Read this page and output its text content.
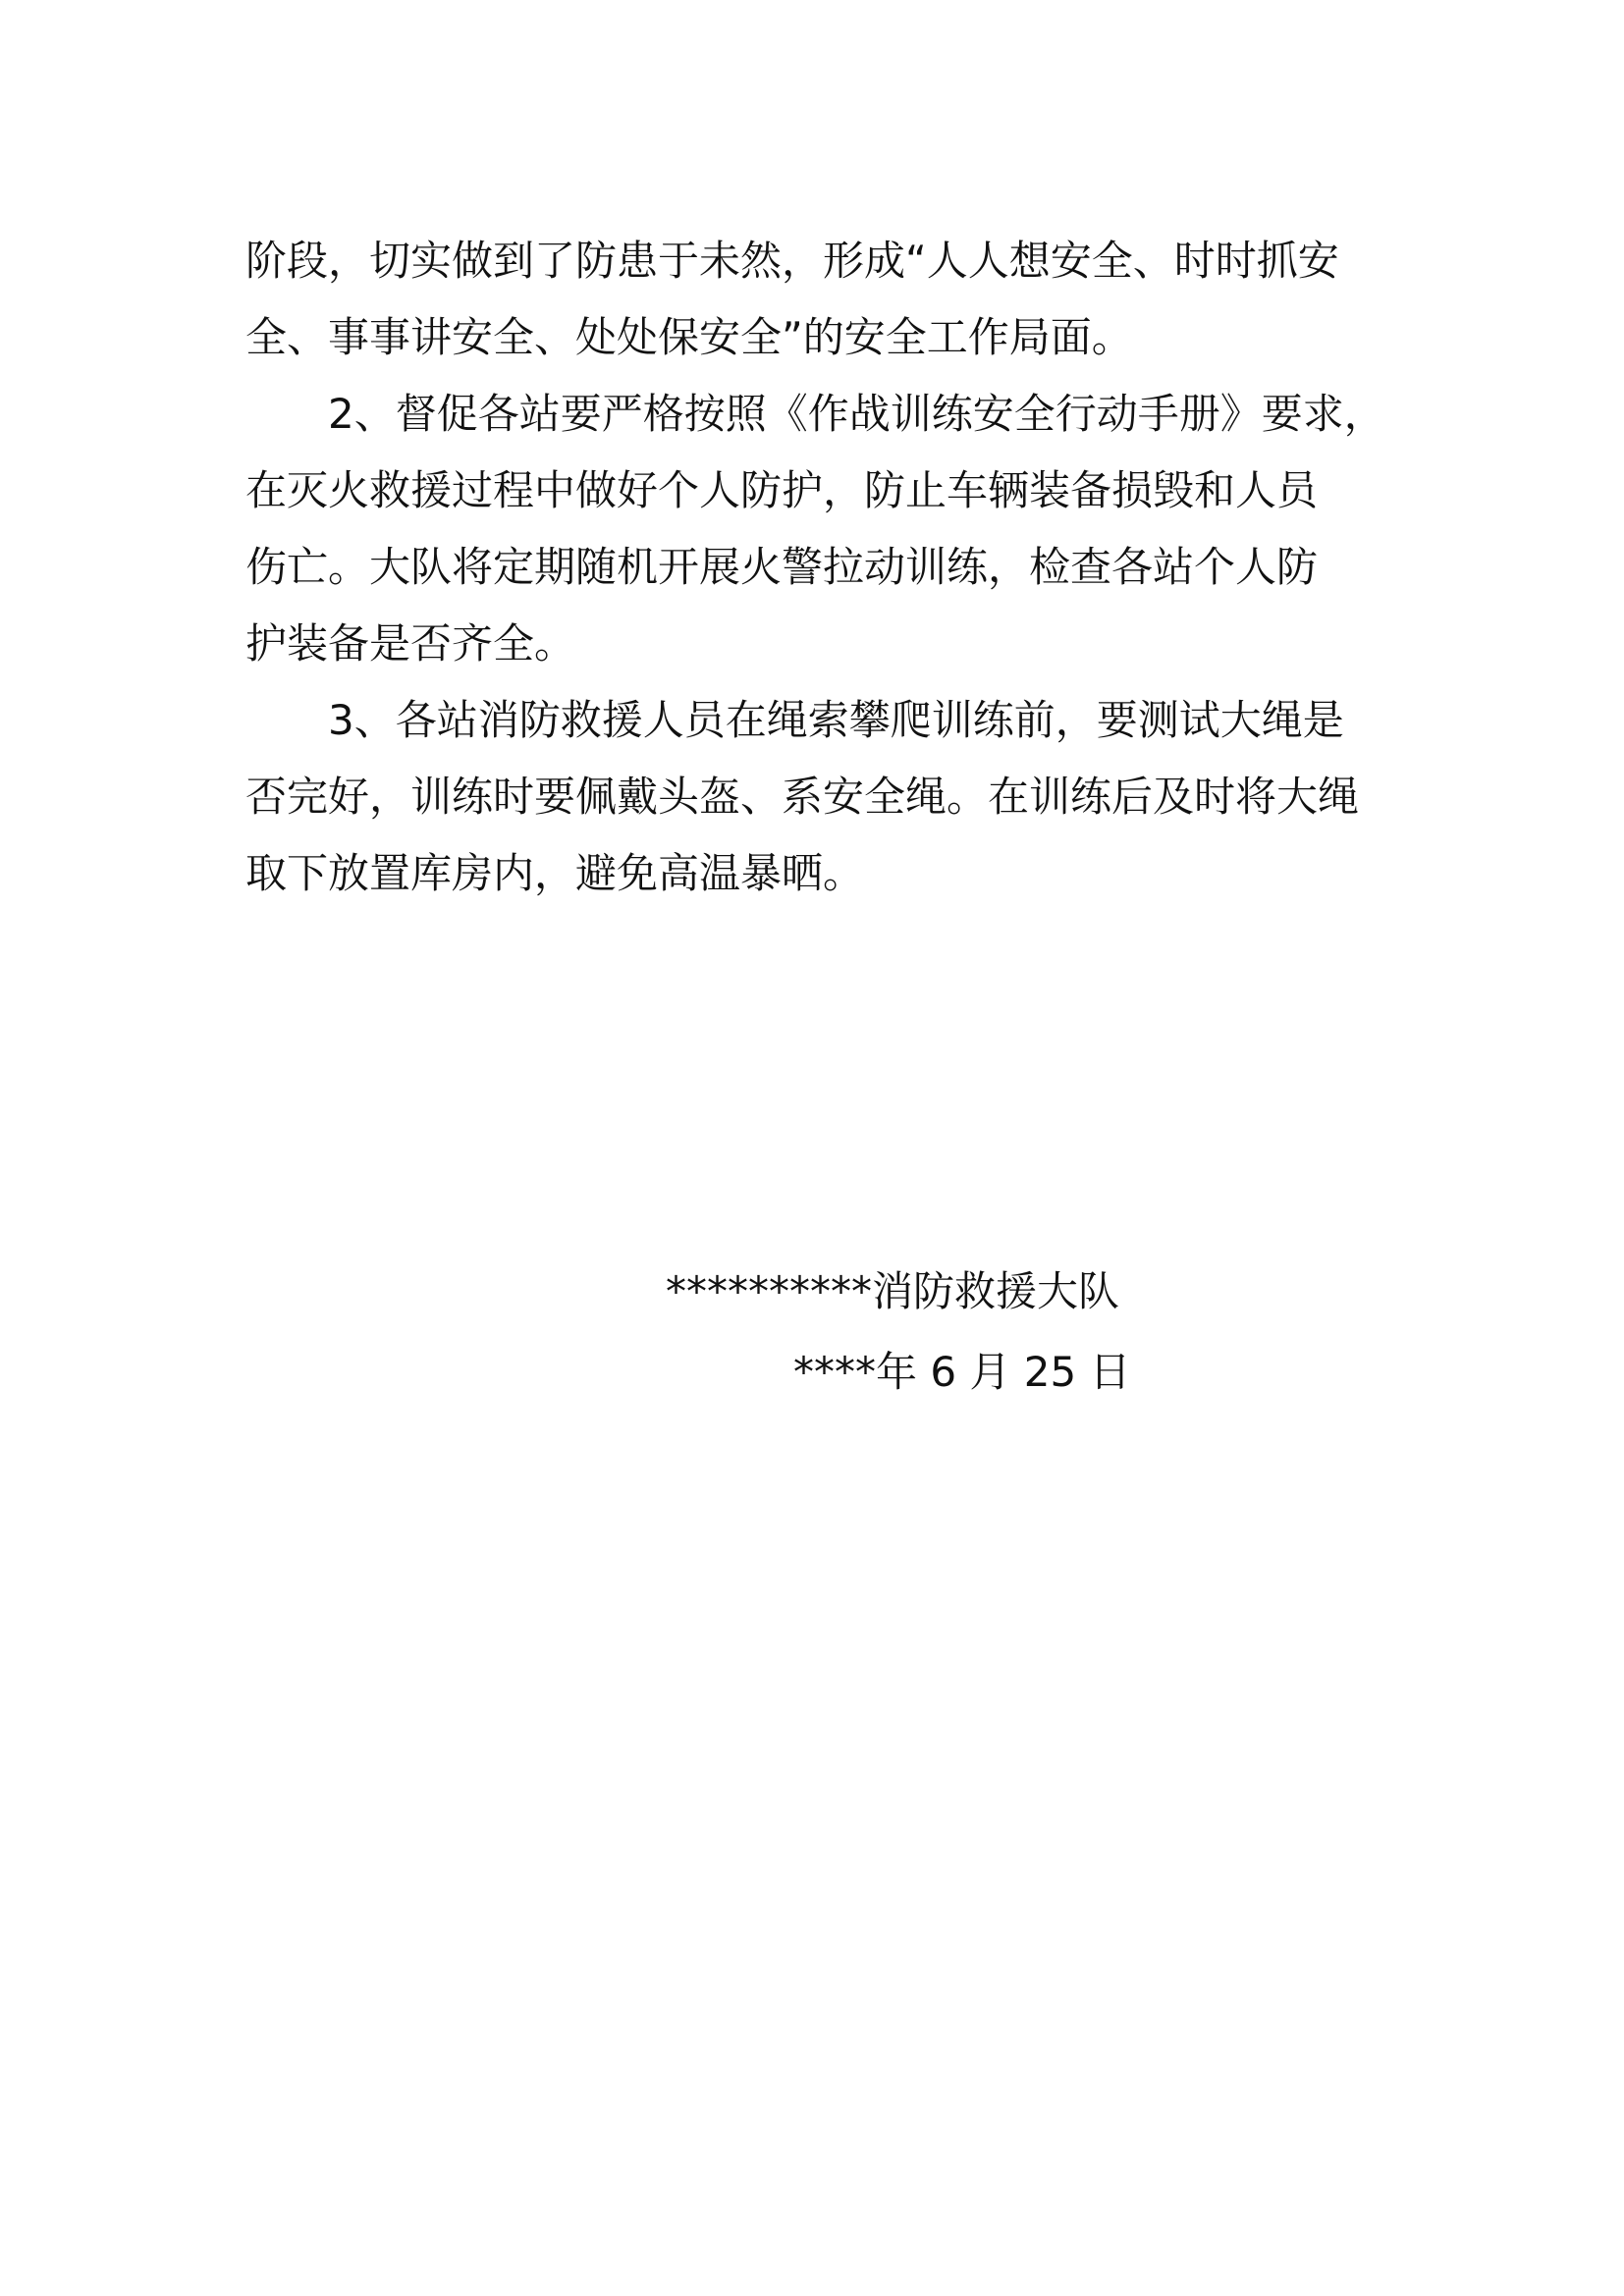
阶段，切实做到了防患于未然，形成“人人想安全、时时抓安
全、事事讲安全、处处保安全”的安全工作局面。
2、督促各站要严格按照《作战训练安全行动手册》要求，
在灭火救援过程中做好个人防护，防止车辆装备损毁和人员
伤亡。大队将定期随机开展火警拉动训练，检查各站个人防
护装备是否齐全。
3、各站消防救援人员在绳索攀爬训练前，要测试大绳是
否完好，训练时要佩戴头盔、系安全绳。在训练后及时将大绳
取下放置库房内，避免高温暴晒。
**********消防救援大队
****年 6 月 25 日
